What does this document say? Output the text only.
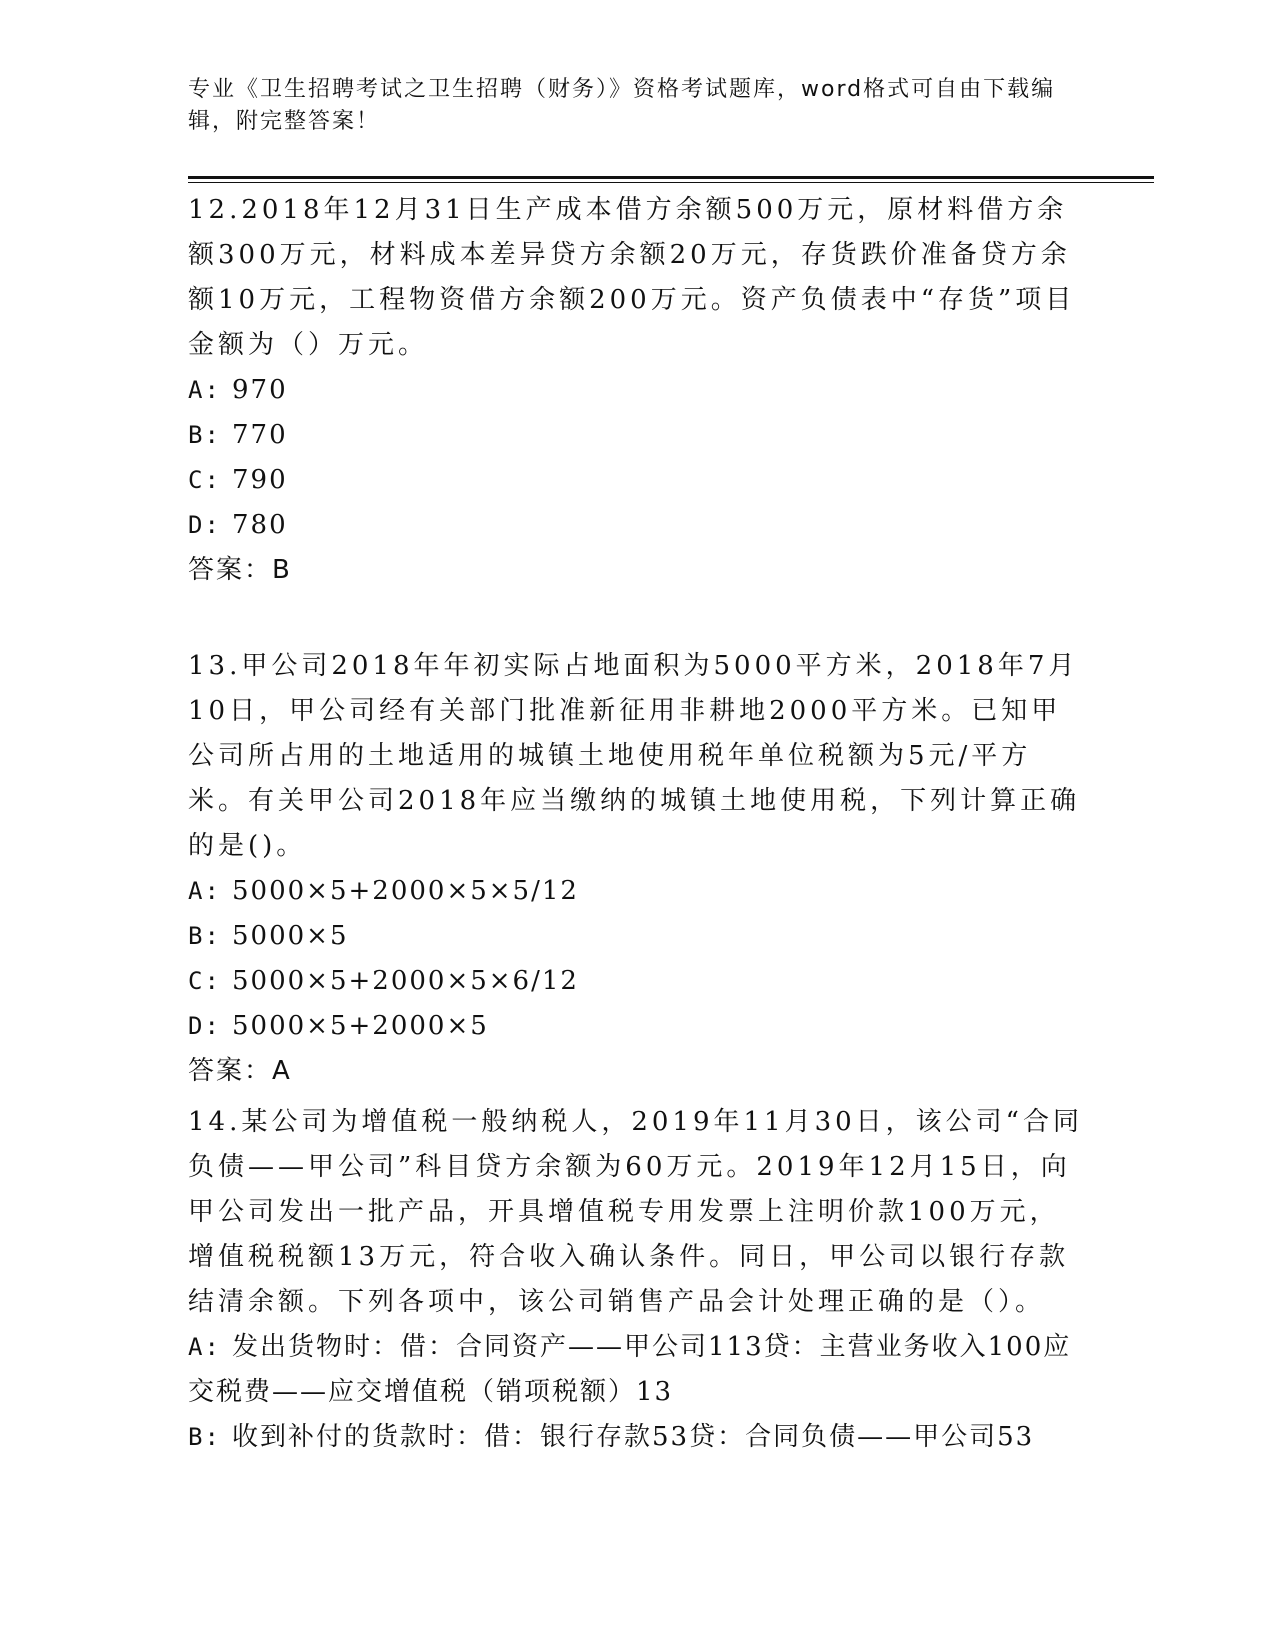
专业《卫生招聘考试之卫生招聘（财务）》资格考试题库，word格式可自由下载编辑，附完整答案！

12.2018年12月31日生产成本借方余额500万元，原材料借方余额300万元，材料成本差异贷方余额20万元，存货跌价准备贷方余额10万元，工程物资借方余额200万元。资产负债表中“存货”项目金额为（）万元。

A: 970

B: 770

C: 790

D: 780

答案：B

13.甲公司2018年年初实际占地面积为5000平方米，2018年7月10日，甲公司经有关部门批准新征用非耕地2000平方米。已知甲公司所占用的土地适用的城镇土地使用税年单位税额为5元/平方米。有关甲公司2018年应当缴纳的城镇土地使用税，下列计算正确的是()。

A: 5000×5+2000×5×5/12

B: 5000×5

C: 5000×5+2000×5×6/12

D: 5000×5+2000×5

答案：A

14.某公司为增值税一般纳税人，2019年11月30日，该公司“合同负债——甲公司”科目贷方余额为60万元。2019年12月15日，向甲公司发出一批产品，开具增值税专用发票上注明价款100万元，增值税税额13万元，符合收入确认条件。同日，甲公司以银行存款结清余额。下列各项中，该公司销售产品会计处理正确的是（）。

A: 发出货物时：借：合同资产——甲公司113贷：主营业务收入100应交税费——应交增值税（销项税额）13

B: 收到补付的货款时：借：银行存款53贷：合同负债——甲公司53
